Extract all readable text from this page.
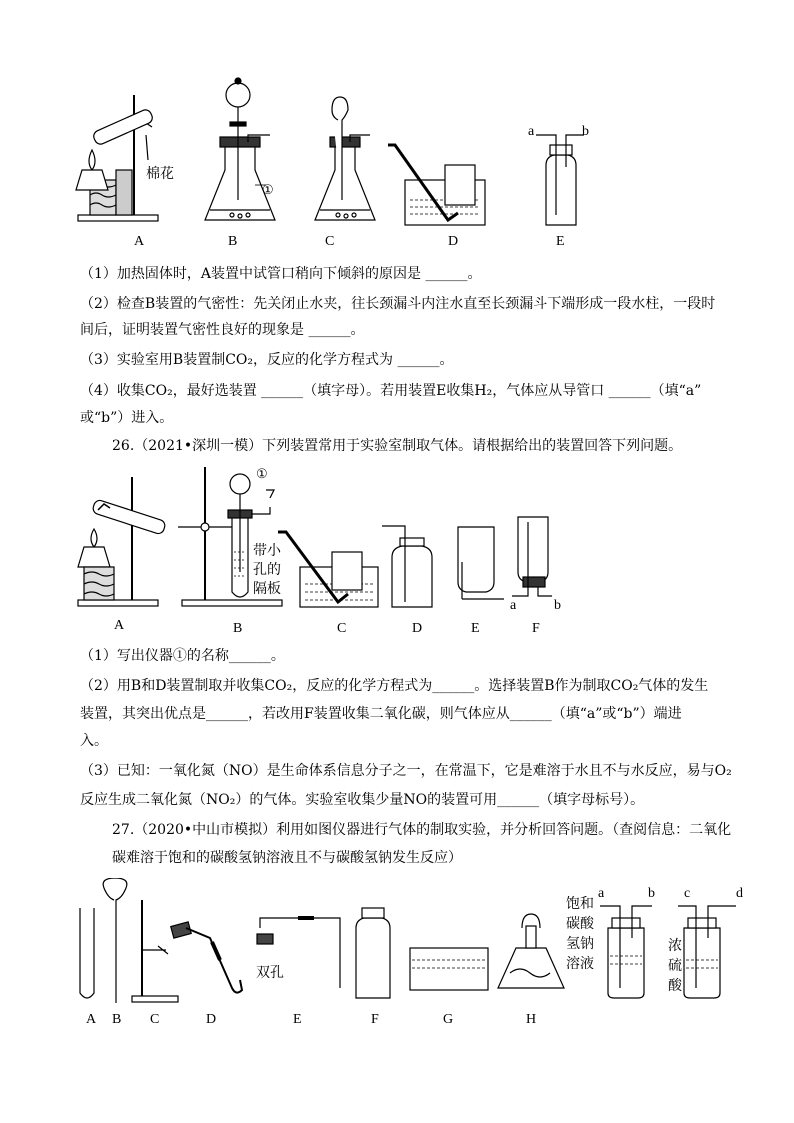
棉花
①
a	b
A	B	C	D	E
（1）加热固体时，A装置中试管口稍向下倾斜的原因是 ______。
（2）检查B装置的气密性：先关闭止水夹，往长颈漏斗内注水直至长颈漏斗下端形成一段水柱，一段时
间后，证明装置气密性良好的现象是 ______。
（3）实验室用B装置制CO₂，反应的化学方程式为 ______。
（4）收集CO₂，最好选装置 ______（填字母）。若用装置E收集H₂，气体应从导管口 ______（填“a”
或“b”）进入。
26.（2021•深圳一模）下列装置常用于实验室制取气体。请根据给出的装置回答下列问题。
①
带小
孔的
隔板
a	b
A	B	C	D	E	F
（1）写出仪器①的名称______。
（2）用B和D装置制取并收集CO₂，反应的化学方程式为______。选择装置B作为制取CO₂气体的发生
装置，其突出优点是______，若改用F装置收集二氧化碳，则气体应从______（填“a”或“b”）端进
入。
（3）已知：一氧化氮（NO）是生命体系信息分子之一，在常温下，它是难溶于水且不与水反应，易与O₂
反应生成二氧化氮（NO₂）的气体。实验室收集少量NO的装置可用______（填字母标号）。
27.（2020•中山市模拟）利用如图仪器进行气体的制取实验，并分析回答问题。（查阅信息：二氧化
碳难溶于饱和的碳酸氢钠溶液且不与碳酸氢钠发生反应）
双孔
饱和
碳酸
氢钠
溶液
浓
硫
酸
a	b c	d
A B C	D	E	F	G	H
